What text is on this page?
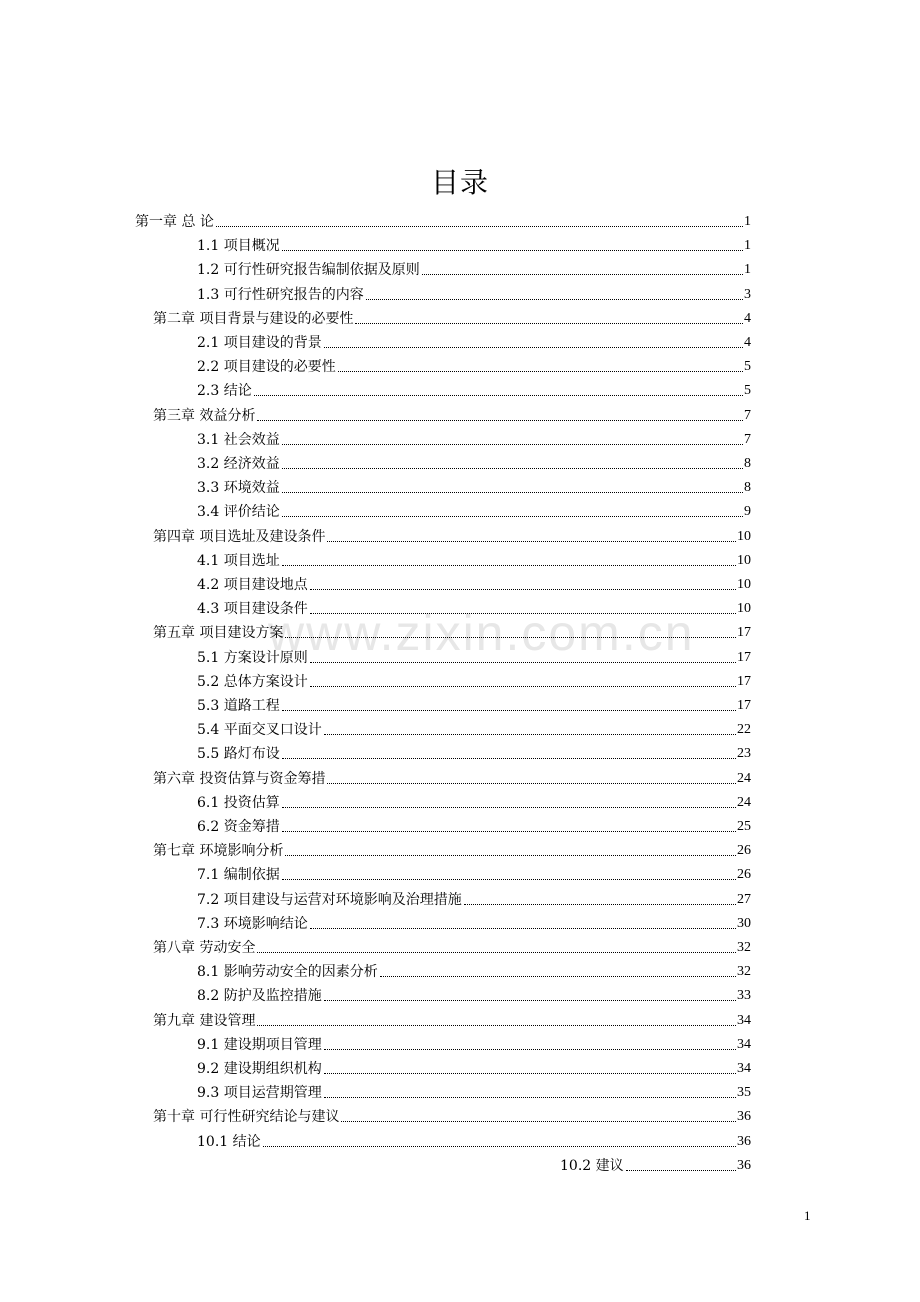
目录
www.zixin.com.cn
第一章 总 论	1
1.1 项目概况	1
1.2 可行性研究报告编制依据及原则	1
1.3 可行性研究报告的内容	3
第二章 项目背景与建设的必要性	4
2.1 项目建设的背景	4
2.2 项目建设的必要性	5
2.3 结论	5
第三章 效益分析	7
3.1 社会效益	7
3.2 经济效益	8
3.3 环境效益	8
3.4 评价结论	9
第四章 项目选址及建设条件	10
4.1 项目选址	10
4.2 项目建设地点	10
4.3 项目建设条件	10
第五章 项目建设方案	17
5.1 方案设计原则	17
5.2 总体方案设计	17
5.3 道路工程	17
5.4 平面交叉口设计	22
5.5 路灯布设	23
第六章 投资估算与资金筹措	24
6.1 投资估算	24
6.2 资金筹措	25
第七章 环境影响分析	26
7.1 编制依据	26
7.2 项目建设与运营对环境影响及治理措施	27
7.3 环境影响结论	30
第八章 劳动安全	32
8.1 影响劳动安全的因素分析	32
8.2 防护及监控措施	33
第九章 建设管理	34
9.1 建设期项目管理	34
9.2 建设期组织机构	34
9.3 项目运营期管理	35
第十章 可行性研究结论与建议	36
10.1 结论	36
10.2 建议	36
1
